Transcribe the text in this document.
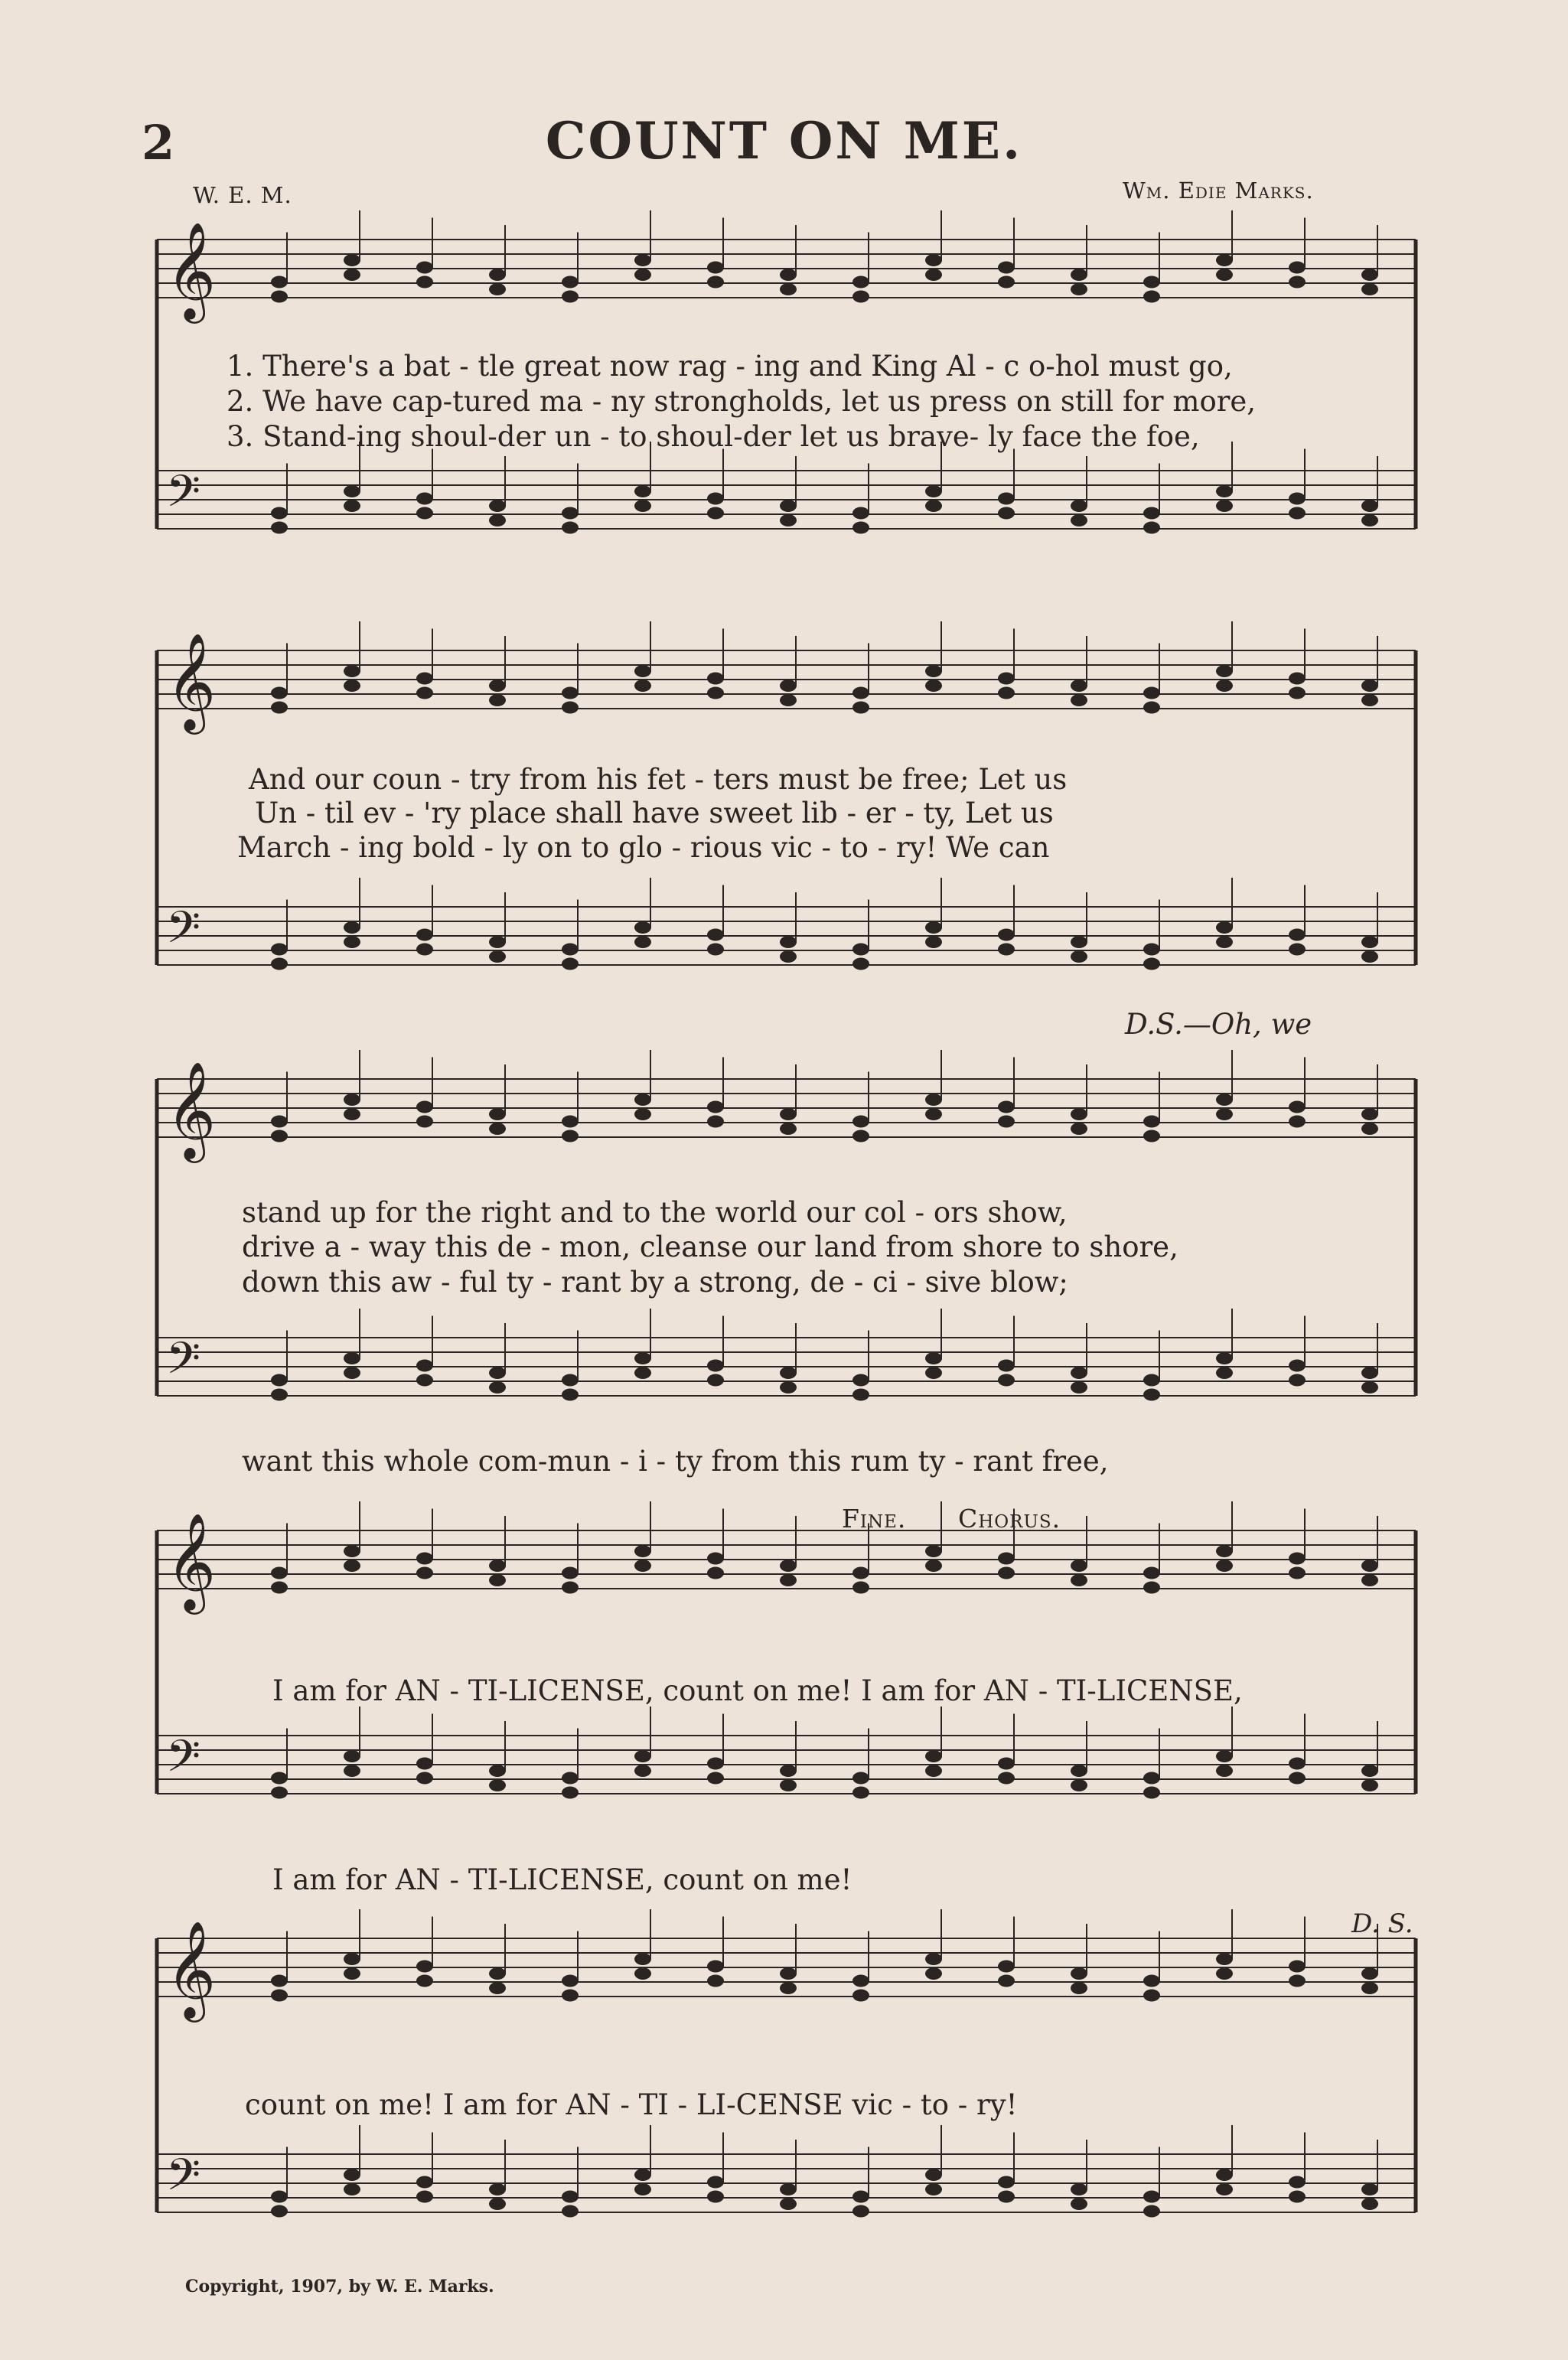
𝄞
𝄢
𝄞
𝄢
𝄞
𝄢
𝄞
𝄢
𝄞
𝄢
2	COUNT ON ME.
W. E. M.	Wm. Edie Marks.
1. There's a bat - tle great now rag - ing and King Al - c o-hol must go,
2. We have cap-tured ma - ny strongholds, let us press on still for more,
3. Stand-ing shoul-der un - to shoul-der let us brave- ly face the foe,
And our coun - try from his fet - ters must be free; Let us
Un - til ev - 'ry place shall have sweet lib - er - ty, Let us
March - ing bold - ly on to glo - rious vic - to - ry! We can
D.S.—Oh, we
stand up for the right and to the world our col - ors show,
drive a - way this de - mon, cleanse our land from shore to shore,
down this aw - ful ty - rant by a strong, de - ci - sive blow;
want this whole com-mun - i - ty from this rum ty - rant free,
Fine. Chorus.
I am for AN - TI-LICENSE, count on me! I am for AN - TI-LICENSE,
I am for AN - TI-LICENSE, count on me!
D. S.
count on me! I am for AN - TI - LI-CENSE vic - to - ry!
Copyright, 1907, by W. E. Marks.
